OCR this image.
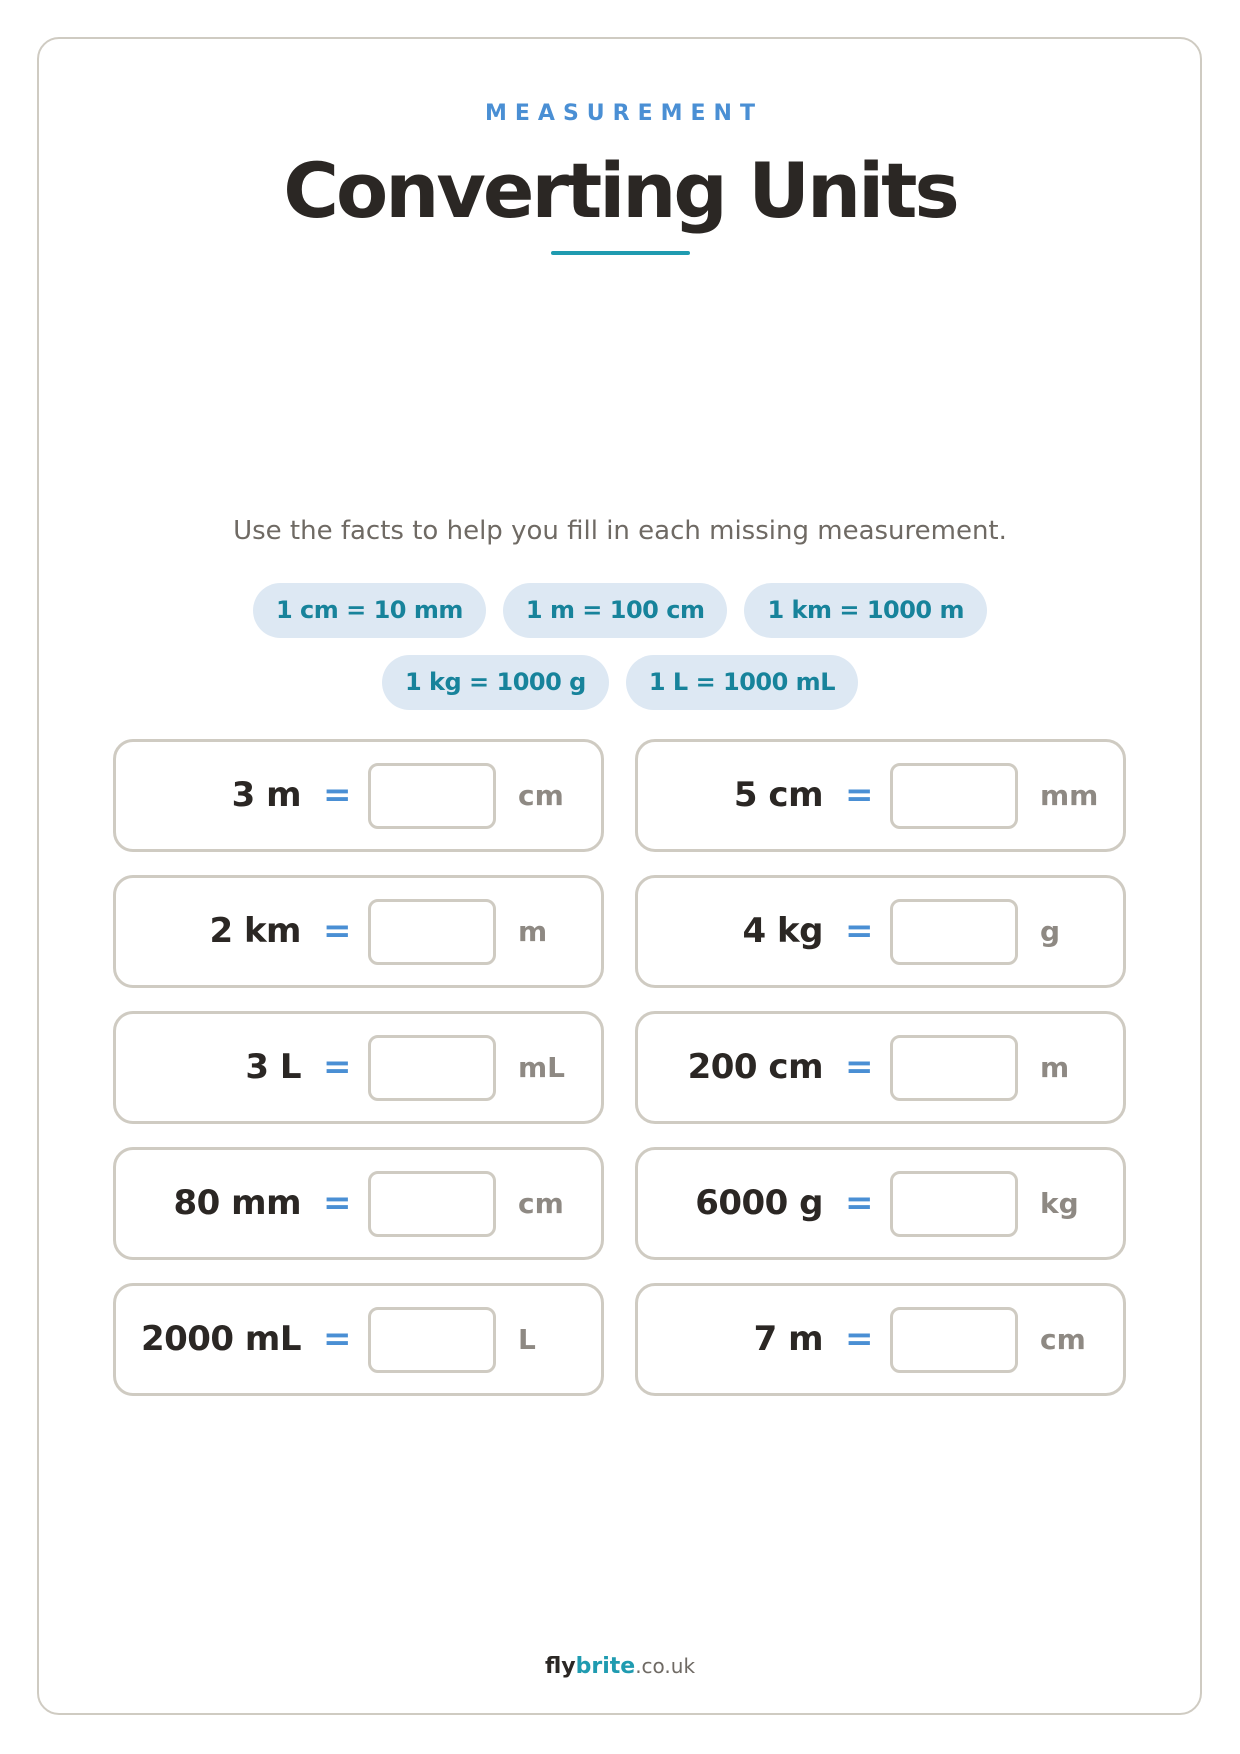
MEASUREMENT
Converting Units
Use the facts to help you fill in each missing measurement.
1 cm = 10 mm	1 m = 100 cm	1 km = 1000 m
1 kg = 1000 g	1 L = 1000 mL
3 m =	cm	5 cm =	mm
2 km =	m	4 kg =	g
3 L =	mL	200 cm =	m
80 mm =	cm	6000 g =	kg
2000 mL =	L	7 m =	cm
flybrite.co.uk
